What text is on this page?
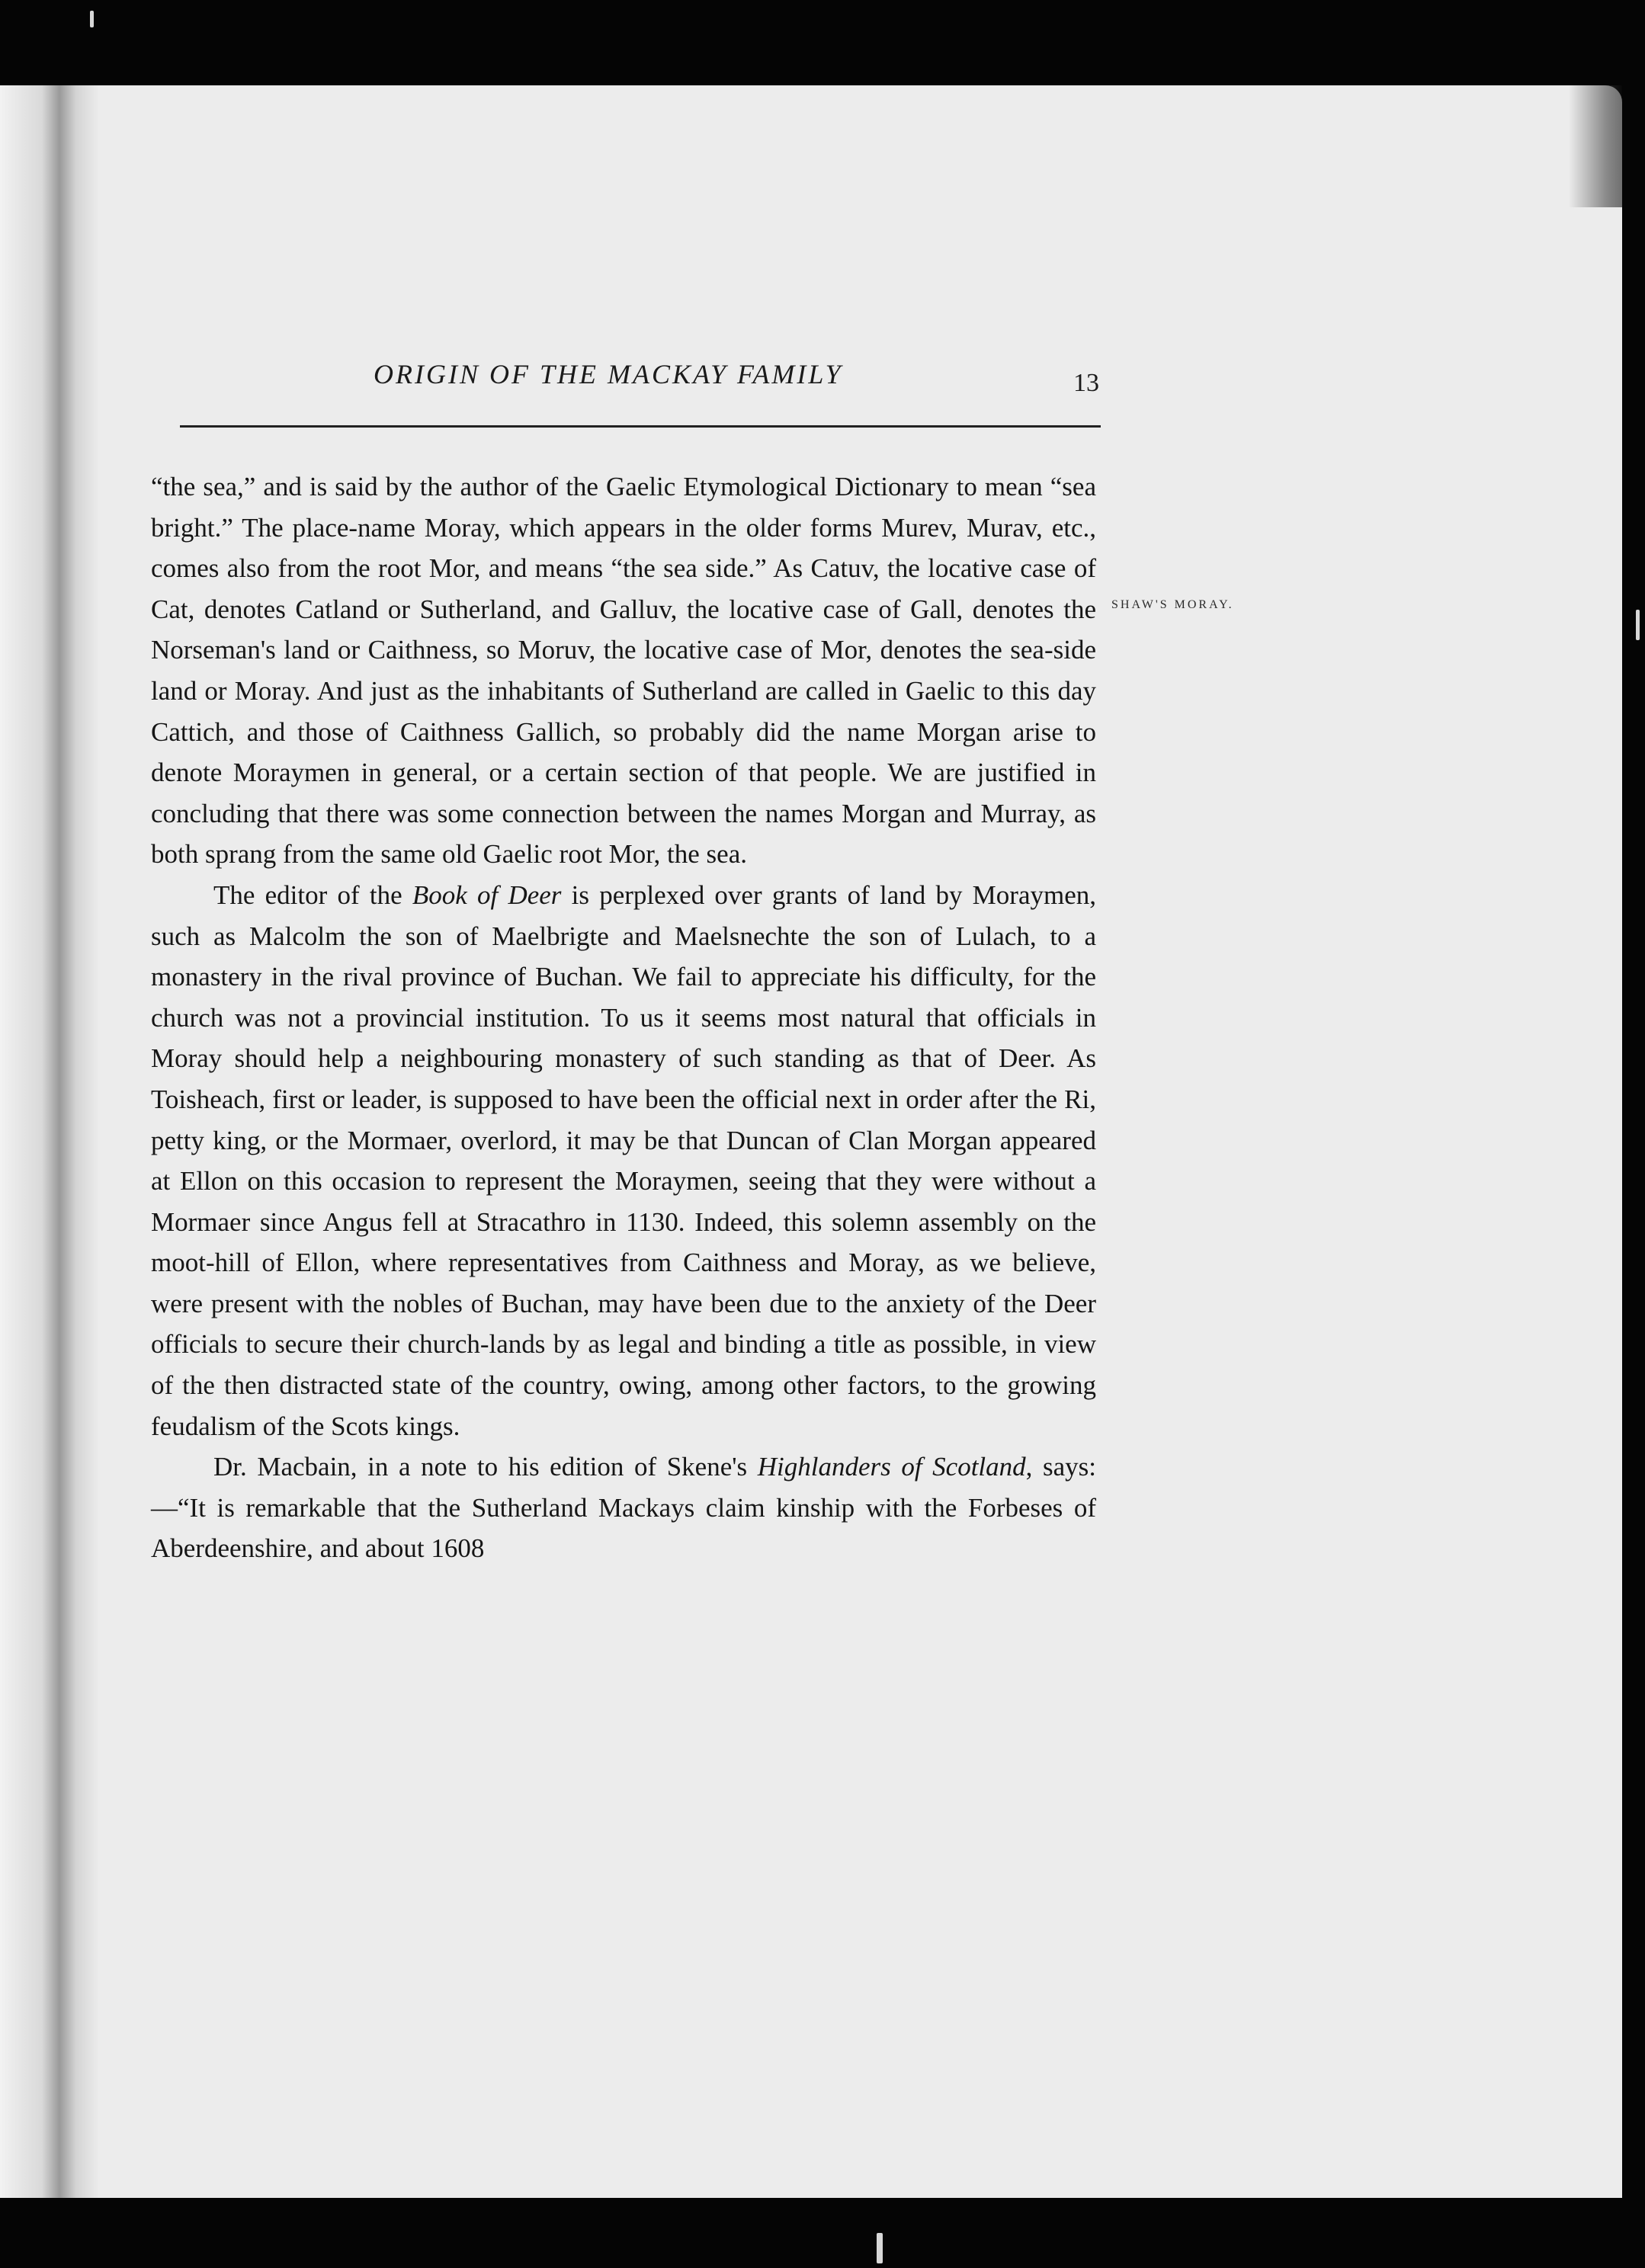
ORIGIN OF THE MACKAY FAMILY	13
SHAW'S MORAY.

“the sea,” and is said by the author of the Gaelic Etymological Dictionary to mean “sea bright.” The place-name Moray, which appears in the older forms Murev, Murav, etc., comes also from the root Mor, and means “the sea side.” As Catuv, the locative case of Cat, denotes Catland or Sutherland, and Galluv, the locative case of Gall, denotes the Norseman's land or Caithness, so Moruv, the locative case of Mor, denotes the sea-side land or Moray. And just as the inhabitants of Sutherland are called in Gaelic to this day Cattich, and those of Caithness Gallich, so probably did the name Morgan arise to denote Moraymen in general, or a certain section of that people. We are justified in concluding that there was some connection between the names Morgan and Murray, as both sprang from the same old Gaelic root Mor, the sea.

The editor of the Book of Deer is perplexed over grants of land by Moraymen, such as Malcolm the son of Maelbrigte and Maelsnechte the son of Lulach, to a monastery in the rival province of Buchan. We fail to appreciate his difficulty, for the church was not a provincial institution. To us it seems most natural that officials in Moray should help a neighbouring monastery of such standing as that of Deer. As Toisheach, first or leader, is supposed to have been the official next in order after the Ri, petty king, or the Mormaer, overlord, it may be that Duncan of Clan Morgan appeared at Ellon on this occasion to represent the Moraymen, seeing that they were without a Mormaer since Angus fell at Stracathro in 1130. Indeed, this solemn assembly on the moot-hill of Ellon, where representatives from Caithness and Moray, as we believe, were present with the nobles of Buchan, may have been due to the anxiety of the Deer officials to secure their church-lands by as legal and binding a title as possible, in view of the then distracted state of the country, owing, among other factors, to the growing feudalism of the Scots kings.

Dr. Macbain, in a note to his edition of Skene's Highlanders of Scotland, says:—“It is remarkable that the Sutherland Mackays claim kinship with the Forbeses of Aberdeenshire, and about 1608
